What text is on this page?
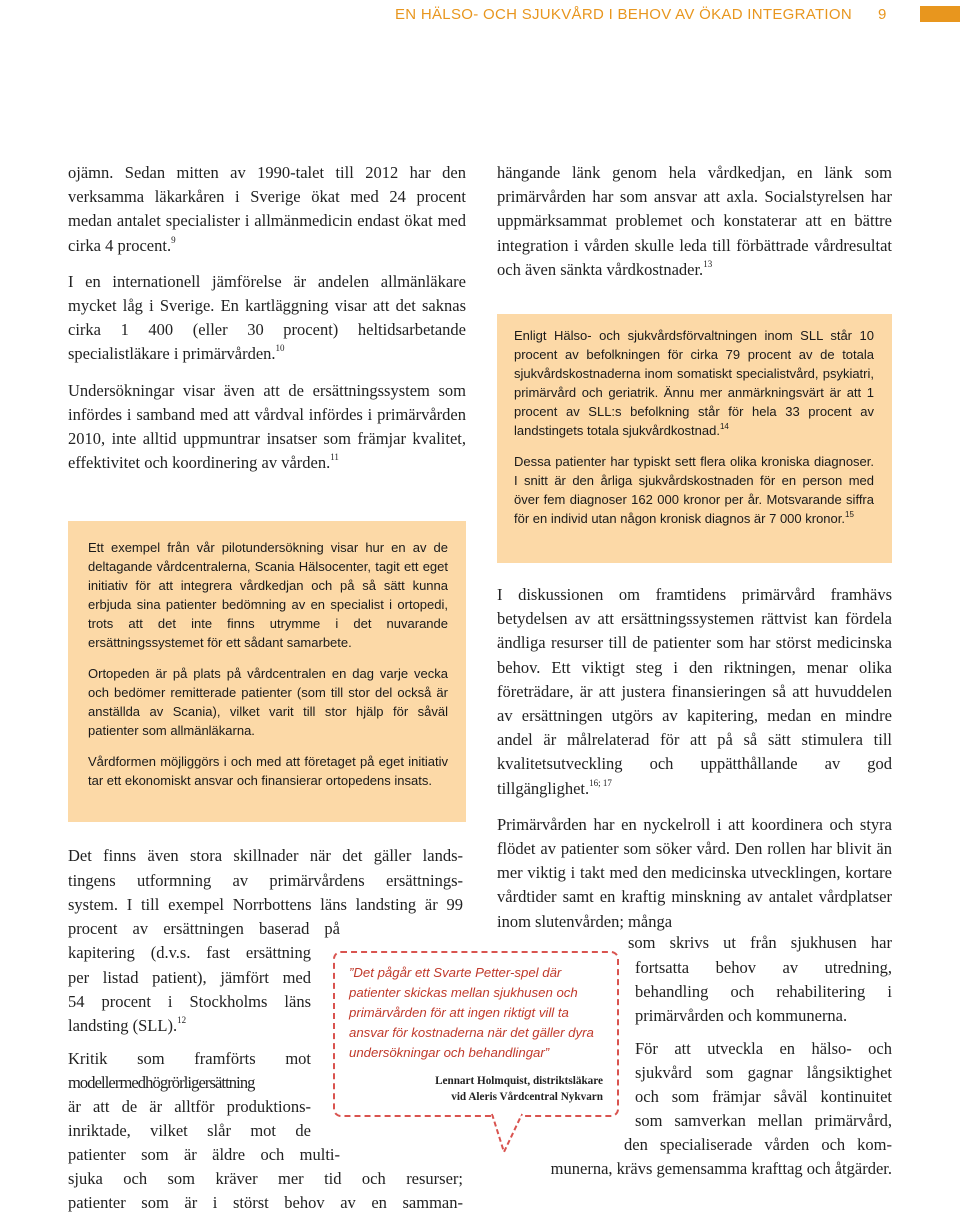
EN HÄLSO- OCH SJUKVÅRD I BEHOV AV ÖKAD INTEGRATION 9

ojämn. Sedan mitten av 1990-talet till 2012 har den verksamma läkarkåren i Sverige ökat med 24 procent medan antalet specialister i allmänmedicin endast ökat med cirka 4 procent.$^9$

I en internationell jämförelse är andelen allmänläkare mycket låg i Sverige. En kartläggning visar att det saknas cirka 1 400 (eller 30 procent) heltidsarbetande specialistläkare i primärvården.$^{10}$

Undersökningar visar även att de ersättningssystem som infördes i samband med att vårdval infördes i primärvården 2010, inte alltid uppmuntrar insatser som främjar kvalitet, effektivitet och koordinering av vården.$^{11}$

Ett exempel från vår pilotundersökning visar hur en av de deltagande vårdcentralerna, Scania Hälsocenter, tagit ett eget initiativ för att integrera vårdkedjan och på så sätt kunna erbjuda sina patienter bedömning av en specialist i ortopedi, trots att det inte finns utrymme i det nuvarande ersättningssystemet för ett sådant samarbete.

Ortopeden är på plats på vårdcentralen en dag varje vecka och bedömer remitterade patienter (som till stor del också är anställda av Scania), vilket varit till stor hjälp för såväl patienter som allmänläkarna.

Vårdformen möjliggörs i och med att företaget på eget initiativ tar ett ekonomiskt ansvar och finansierar ortopedens insats.

Det finns även stora skillnader när det gäller lands-
tingens utformning av primärvårdens ersättnings-
system. I till exempel Norrbottens läns landsting är 99
procent av ersättningen baserad på
kapitering (d.v.s. fast ersättning
per listad patient), jämfört med
54 procent i Stockholms läns
landsting (SLL).$^{12}$
Kritik som framförts mot
modellermedhögrörligersättning
är att de är alltför produktions-
inriktade, vilket slår mot de
patienter som är äldre och multi-
sjuka och som kräver mer tid och resurser;
patienter som är i störst behov av en samman-

hängande länk genom hela vårdkedjan, en länk som primärvården har som ansvar att axla. Socialstyrelsen har uppmärksammat problemet och konstaterar att en bättre integration i vården skulle leda till förbättrade vårdresultat och även sänkta vårdkostnader.$^{13}$

Enligt Hälso- och sjukvårdsförvaltningen inom SLL står 10 procent av befolkningen för cirka 79 procent av de totala sjukvårdskostnaderna inom somatiskt specialistvård, psykiatri, primärvård och geriatrik. Ännu mer anmärkningsvärt är att 1 procent av SLL:s befolkning står för hela 33 procent av landstingets totala sjukvårdkostnad.$^{14}$

Dessa patienter har typiskt sett flera olika kroniska diagnoser. I snitt är den årliga sjukvårdskostnaden för en person med över fem diagnoser 162 000 kronor per år. Motsvarande siffra för en individ utan någon kronisk diagnos är 7 000 kronor.$^{15}$

I diskussionen om framtidens primärvård framhävs betydelsen av att ersättningssystemen rättvist kan fördela ändliga resurser till de patienter som har störst medicinska behov. Ett viktigt steg i den riktningen, menar olika företrädare, är att justera finansieringen så att huvuddelen av ersättningen utgörs av kapitering, medan en mindre andel är målrelaterad för att på så sätt stimulera till kvalitetsutveckling och uppätthållande av god tillgänglighet.$^{16; 17}$

Primärvården har en nyckelroll i att koordinera och styra flödet av patienter som söker vård. Den rollen har blivit än mer viktig i takt med den medicinska utvecklingen, kortare vårdtider samt en kraftig minskning av antalet vårdplatser inom slutenvården; många

som skrivs ut från sjukhusen har
fortsatta behov av utredning,
behandling och rehabilitering i
primärvården och kommunerna.
För att utveckla en hälso- och
sjukvård som gagnar långsiktighet
och som främjar såväl kontinuitet
som samverkan mellan primärvård,
den specialiserade vården och kom-
munerna, krävs gemensamma krafttag och åtgärder.
”Det pågår ett Svarte Petter-spel där patienter skickas mellan sjukhusen och primärvården för att ingen riktigt vill ta ansvar för kostnaderna när det gäller dyra undersökningar och behandlingar”
Lennart Holmquist, distriktsläkare
vid Aleris Vårdcentral Nykvarn
